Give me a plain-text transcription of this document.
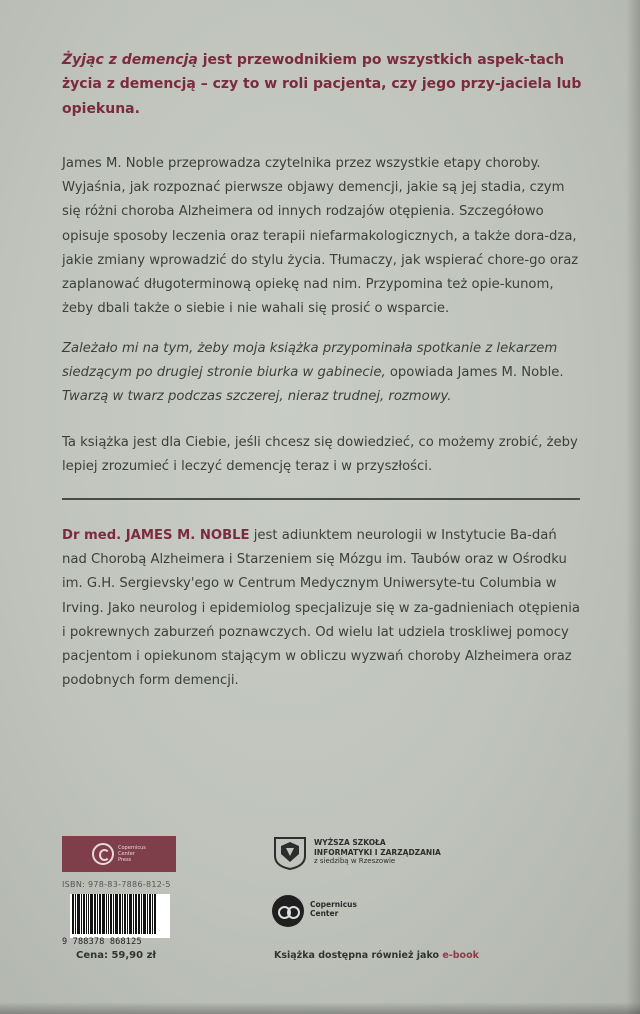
Żyjąc z demencją jest przewodnikiem po wszystkich aspek-tach życia z demencją – czy to w roli pacjenta, czy jego przy-jaciela lub opiekuna.
James M. Noble przeprowadza czytelnika przez wszystkie etapy choroby. Wyjaśnia, jak rozpoznać pierwsze objawy demencji, jakie są jej stadia, czym się różni choroba Alzheimera od innych rodzajów otępienia. Szczegółowo opisuje sposoby leczenia oraz terapii niefarmakologicznych, a także dora-dza, jakie zmiany wprowadzić do stylu życia. Tłumaczy, jak wspierać chore-go oraz zaplanować długoterminową opiekę nad nim. Przypomina też opie-kunom, żeby dbali także o siebie i nie wahali się prosić o wsparcie.
Zależało mi na tym, żeby moja książka przypominała spotkanie z lekarzem siedzącym po drugiej stronie biurka w gabinecie, opowiada James M. Noble. Twarzą w twarz podczas szczerej, nieraz trudnej, rozmowy.
Ta książka jest dla Ciebie, jeśli chcesz się dowiedzieć, co możemy zrobić, żeby lepiej zrozumieć i leczyć demencję teraz i w przyszłości.
Dr med. JAMES M. NOBLE jest adiunktem neurologii w Instytucie Ba-dań nad Chorobą Alzheimera i Starzeniem się Mózgu im. Taubów oraz w Ośrodku im. G.H. Sergievsky'ego w Centrum Medycznym Uniwersyte-tu Columbia w Irving. Jako neurolog i epidemiolog specjalizuje się w za-gadnieniach otępienia i pokrewnych zaburzeń poznawczych. Od wielu lat udziela troskliwej pomocy pacjentom i opiekunom stającym w obliczu wyzwań choroby Alzheimera oraz podobnych form demencji.
Copernicus
Center
Press
ISBN: 978-83-7886-812-5
9 788378 868125
Cena: 59,90 zł
WYŻSZA SZKOŁA
INFORMATYKI I ZARZĄDZANIA
z siedzibą w Rzeszowie
Copernicus
Center
Książka dostępna również jako e-book
